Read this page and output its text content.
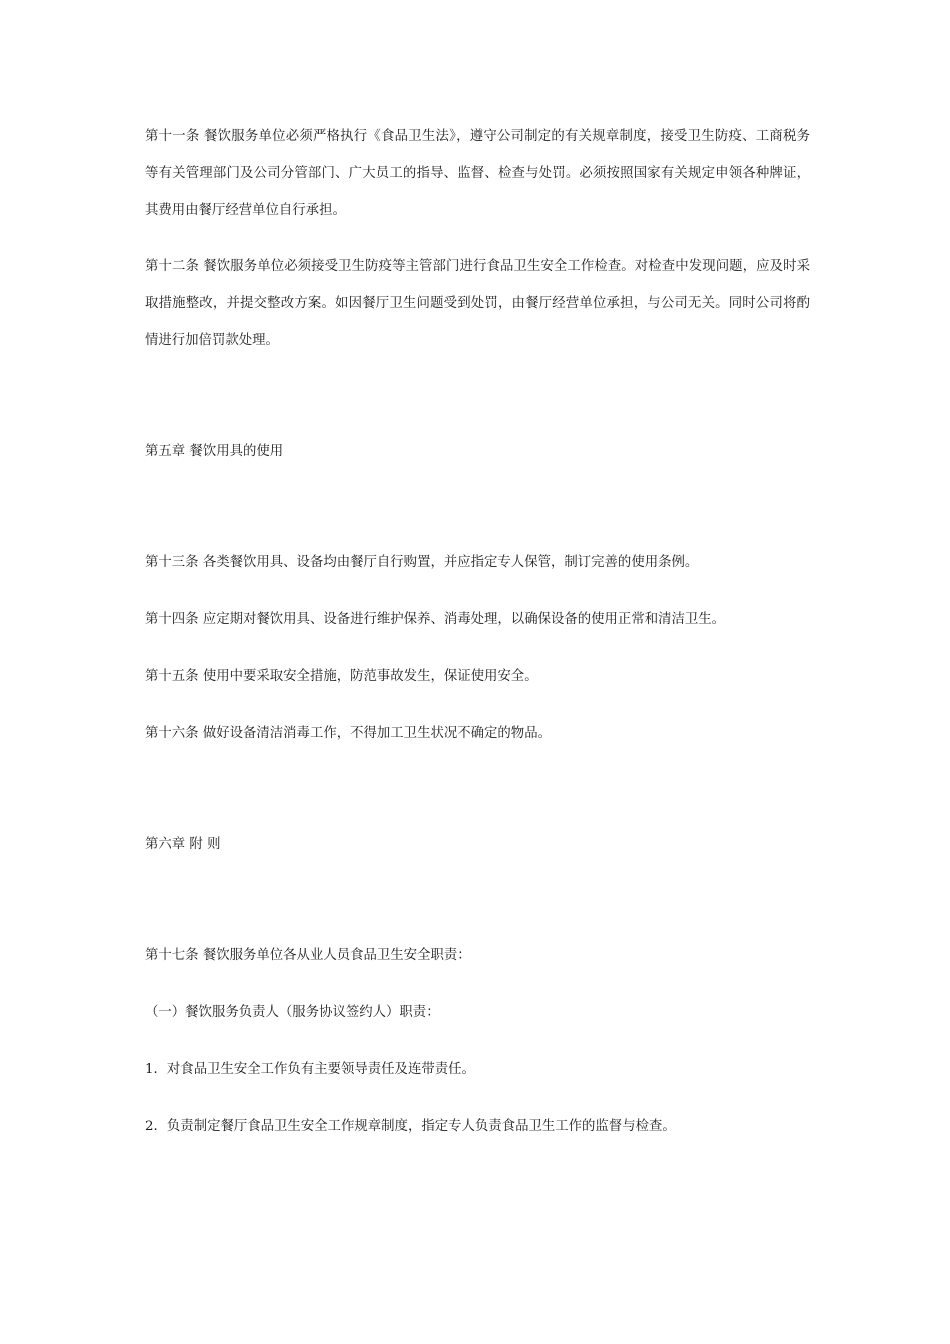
第十一条 餐饮服务单位必须严格执行《食品卫生法》，遵守公司制定的有关规章制度，接受卫生防疫、工商税务等有关管理部门及公司分管部门、广大员工的指导、监督、检查与处罚。必须按照国家有关规定申领各种牌证，其费用由餐厅经营单位自行承担。

第十二条 餐饮服务单位必须接受卫生防疫等主管部门进行食品卫生安全工作检查。对检查中发现问题，应及时采取措施整改，并提交整改方案。如因餐厅卫生问题受到处罚，由餐厅经营单位承担，与公司无关。同时公司将酌情进行加倍罚款处理。

第五章 餐饮用具的使用

第十三条 各类餐饮用具、设备均由餐厅自行购置，并应指定专人保管，制订完善的使用条例。

第十四条 应定期对餐饮用具、设备进行维护保养、消毒处理，以确保设备的使用正常和清洁卫生。

第十五条 使用中要采取安全措施，防范事故发生，保证使用安全。

第十六条 做好设备清洁消毒工作，不得加工卫生状况不确定的物品。

第六章 附 则

第十七条 餐饮服务单位各从业人员食品卫生安全职责：

（一）餐饮服务负责人（服务协议签约人）职责：

1．对食品卫生安全工作负有主要领导责任及连带责任。

2．负责制定餐厅食品卫生安全工作规章制度，指定专人负责食品卫生工作的监督与检查。
